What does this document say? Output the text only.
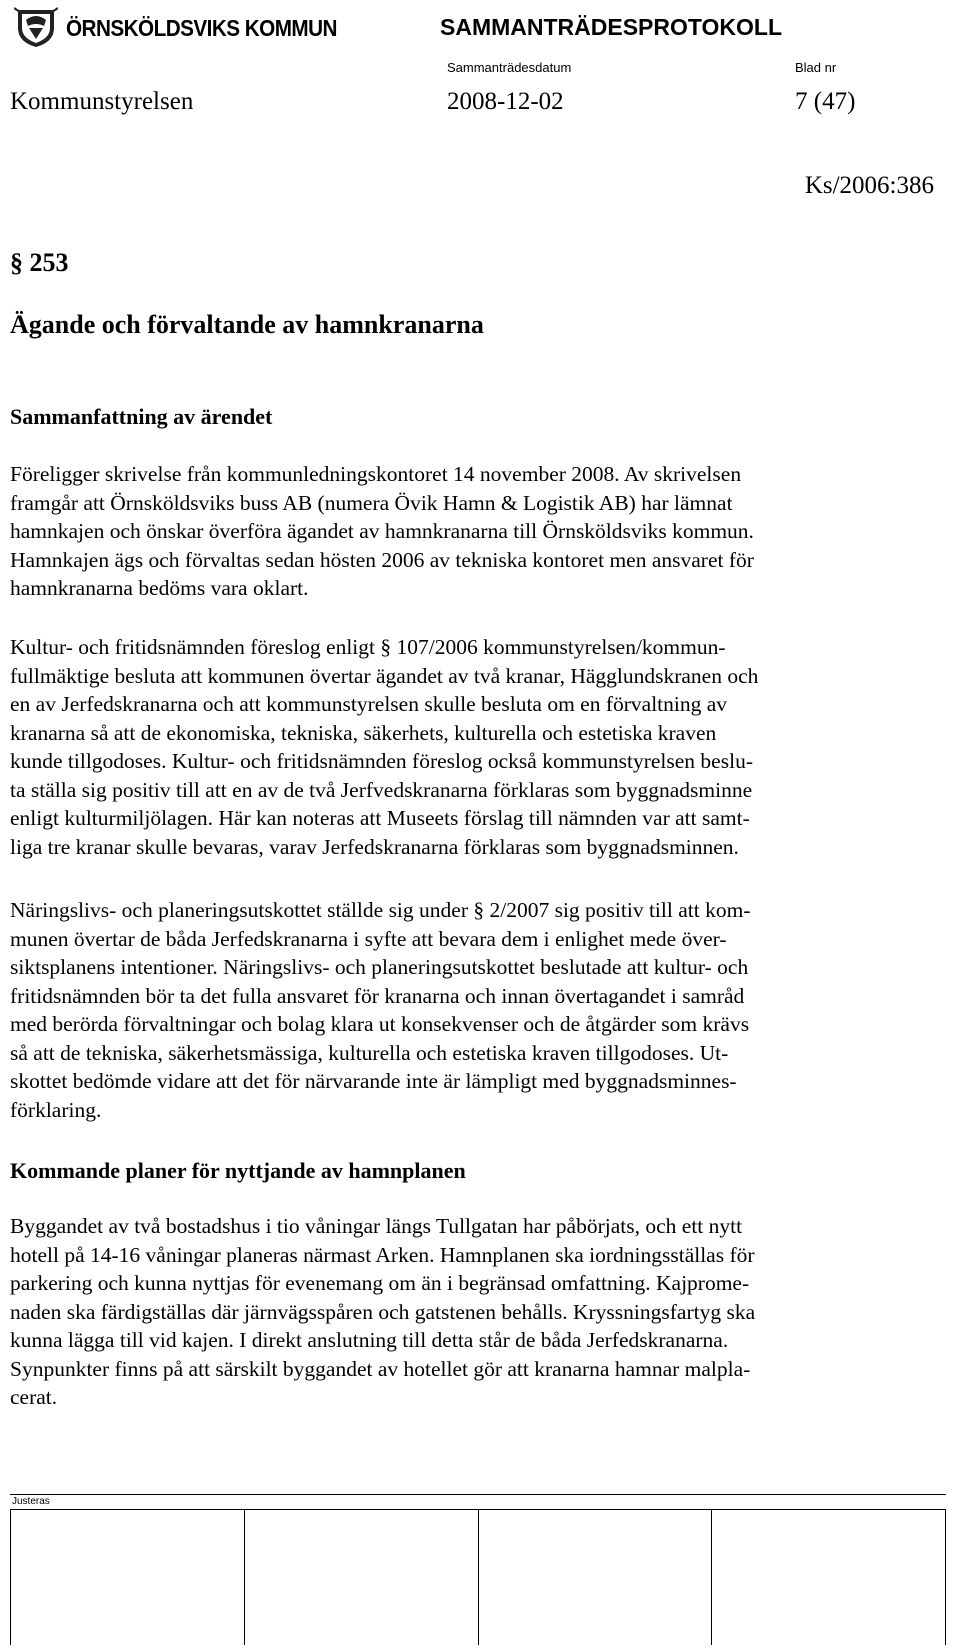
ÖRNSKÖLDSVIKS KOMMUN	SAMMANTRÄDESPROTOKOLL
Sammanträdesdatum	Blad nr
Kommunstyrelsen	2008-12-02	7 (47)
Ks/2006:386
§ 253
Ägande och förvaltande av hamnkranarna
Sammanfattning av ärendet
Föreligger skrivelse från kommunledningskontoret 14 november 2008. Av skrivelsen
framgår att Örnsköldsviks buss AB (numera Övik Hamn & Logistik AB) har lämnat
hamnkajen och önskar överföra ägandet av hamnkranarna till Örnsköldsviks kommun.
Hamnkajen ägs och förvaltas sedan hösten 2006 av tekniska kontoret men ansvaret för
hamnkranarna bedöms vara oklart.
Kultur- och fritidsnämnden föreslog enligt § 107/2006 kommunstyrelsen/kommun-
fullmäktige besluta att kommunen övertar ägandet av två kranar, Hägglundskranen och
en av Jerfedskranarna och att kommunstyrelsen skulle besluta om en förvaltning av
kranarna så att de ekonomiska, tekniska, säkerhets, kulturella och estetiska kraven
kunde tillgodoses. Kultur- och fritidsnämnden föreslog också kommunstyrelsen beslu-
ta ställa sig positiv till att en av de två Jerfvedskranarna förklaras som byggnadsminne
enligt kulturmiljölagen. Här kan noteras att Museets förslag till nämnden var att samt-
liga tre kranar skulle bevaras, varav Jerfedskranarna förklaras som byggnadsminnen.
Näringslivs- och planeringsutskottet ställde sig under § 2/2007 sig positiv till att kom-
munen övertar de båda Jerfedskranarna i syfte att bevara dem i enlighet mede över-
siktsplanens intentioner. Näringslivs- och planeringsutskottet beslutade att kultur- och
fritidsnämnden bör ta det fulla ansvaret för kranarna och innan övertagandet i samråd
med berörda förvaltningar och bolag klara ut konsekvenser och de åtgärder som krävs
så att de tekniska, säkerhetsmässiga, kulturella och estetiska kraven tillgodoses. Ut-
skottet bedömde vidare att det för närvarande inte är lämpligt med byggnadsminnes-
förklaring.
Kommande planer för nyttjande av hamnplanen
Byggandet av två bostadshus i tio våningar längs Tullgatan har påbörjats, och ett nytt
hotell på 14-16 våningar planeras närmast Arken. Hamnplanen ska iordningsställas för
parkering och kunna nyttjas för evenemang om än i begränsad omfattning. Kajprome-
naden ska färdigställas där järnvägsspåren och gatstenen behålls. Kryssningsfartyg ska
kunna lägga till vid kajen. I direkt anslutning till detta står de båda Jerfedskranarna.
Synpunkter finns på att särskilt byggandet av hotellet gör att kranarna hamnar malpla-
cerat.
Justeras
